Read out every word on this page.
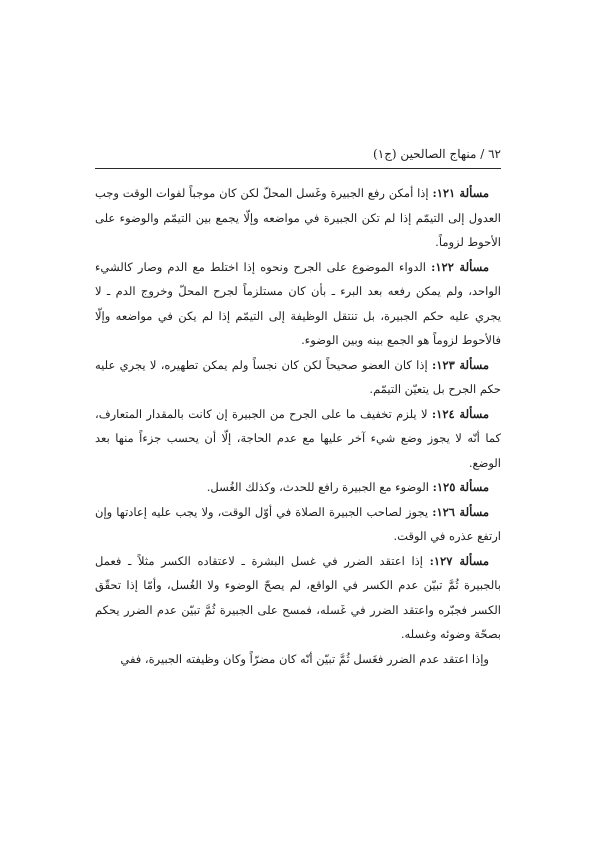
٦٢ / منهاج الصالحين (ج١)

مسألة ١٢١: إذا أمكن رفع الجبيرة وغَسل المحلّ لكن كان موجباً لفوات الوقت وجب العدول إلى التيمّم إذا لم تكن الجبيرة في مواضعه وإلّا يجمع بين التيمّم والوضوء على الأحوط لزوماً.

مسألة ١٢٢: الدواء الموضوع على الجرح ونحوه إذا اختلط مع الدم وصار كالشيء الواحد، ولم يمكن رفعه بعد البرء ـ بأن كان مستلزماً لجرح المحلّ وخروج الدم ـ لا يجري عليه حكم الجبيرة، بل تنتقل الوظيفة إلى التيمّم إذا لم يكن في مواضعه وإلّا فالأحوط لزوماً هو الجمع بينه وبين الوضوء.

مسألة ١٢٣: إذا كان العضو صحيحاً لكن كان نجساً ولم يمكن تطهيره، لا يجري عليه حكم الجرح بل يتعيّن التيمّم.

مسألة ١٢٤: لا يلزم تخفيف ما على الجرح من الجبيرة إن كانت بالمقدار المتعارف، كما أنّه لا يجوز وضع شيء آخر عليها مع عدم الحاجة، إلّا أن يحسب جزءاً منها بعد الوضع.

مسألة ١٢٥: الوضوء مع الجبيرة رافع للحدث، وكذلك الغُسل.

مسألة ١٢٦: يجوز لصاحب الجبيرة الصلاة في أوّل الوقت، ولا يجب عليه إعادتها وإن ارتفع عذره في الوقت.

مسألة ١٢٧: إذا اعتقد الضرر في غسل البشرة ـ لاعتقاده الكسر مثلاً ـ فعمل بالجبيرة ثُمَّ تبيّن عدم الكسر في الواقع، لم يصحّ الوضوء ولا الغُسل، وأمّا إذا تحقّق الكسر فجبّره واعتقد الضرر في غَسله، فمسح على الجبيرة ثُمَّ تبيّن عدم الضرر يحكم بصحّة وضوئه وغسله.

وإذا اعتقد عدم الضرر فغَسل ثُمَّ تبيّن أنّه كان مضرّاً وكان وظيفته الجبيرة، ففي
